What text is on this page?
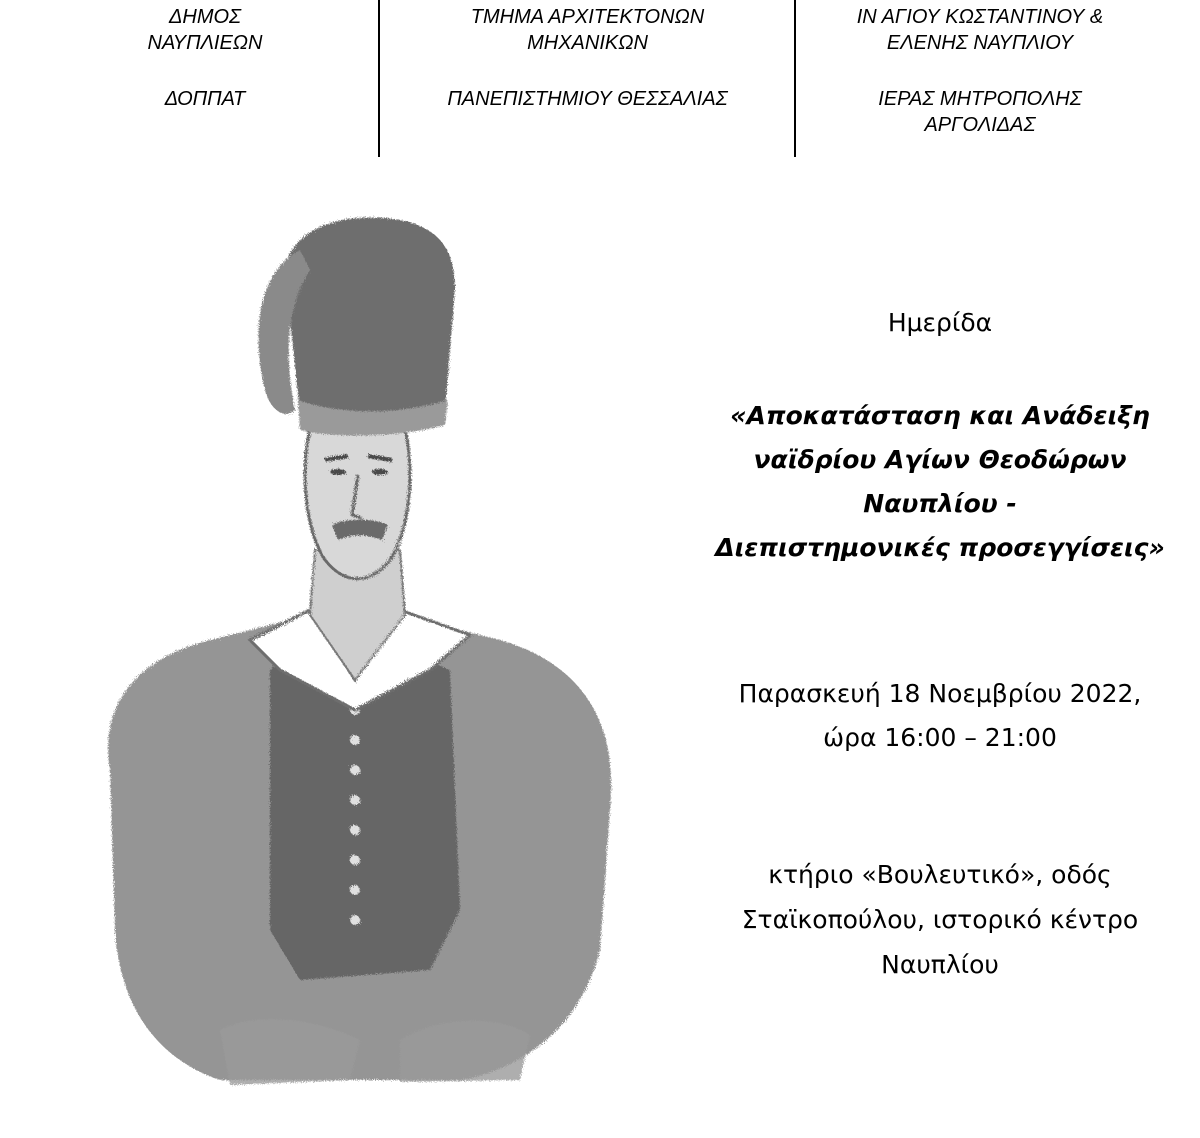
ΔΗΜΟΣ

ΝΑΥΠΛΙΕΩΝ

ΔΟΠΠΑΤ

ΤΜΗΜΑ ΑΡΧΙΤΕΚΤΟΝΩΝ

ΜΗΧΑΝΙΚΩΝ

ΠΑΝΕΠΙΣΤΗΜΙΟΥ ΘΕΣΣΑΛΙΑΣ

ΙΝ ΑΓΙΟΥ ΚΩΣΤΑΝΤΙΝΟΥ &

ΕΛΕΝΗΣ ΝΑΥΠΛΙΟΥ

ΙΕΡΑΣ ΜΗΤΡΟΠΟΛΗΣ

ΑΡΓΟΛΙΔΑΣ

Ημερίδα
«Αποκατάσταση και Ανάδειξη
ναϊδρίου Αγίων Θεοδώρων
Ναυπλίου -
Διεπιστημονικές προσεγγίσεις»
Παρασκευή 18 Νοεμβρίου 2022,
ώρα 16:00 – 21:00
κτήριο «Βουλευτικό», οδός
Σταϊκοπούλου, ιστορικό κέντρο
Ναυπλίου
